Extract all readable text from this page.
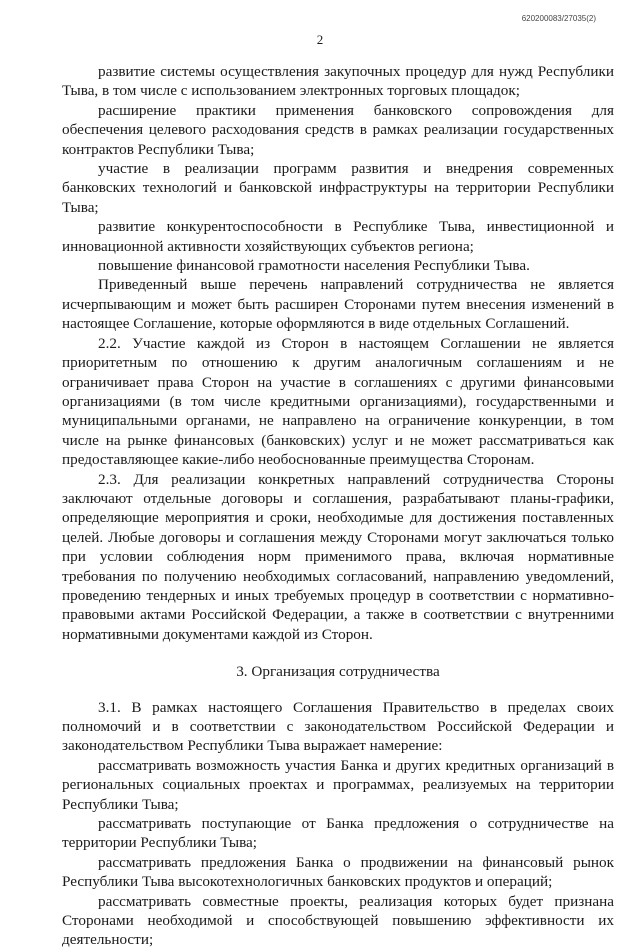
620200083/27035(2)
2

развитие системы осуществления закупочных процедур для нужд Республики Тыва, в том числе с использованием электронных торговых площадок;

расширение практики применения банковского сопровождения для обеспечения целевого расходования средств в рамках реализации государственных контрактов Республики Тыва;

участие в реализации программ развития и внедрения современных банковских технологий и банковской инфраструктуры на территории Республики Тыва;

развитие конкурентоспособности в Республике Тыва, инвестиционной и инновационной активности хозяйствующих субъектов региона;

повышение финансовой грамотности населения Республики Тыва.

Приведенный выше перечень направлений сотрудничества не является исчерпывающим и может быть расширен Сторонами путем внесения изменений в настоящее Соглашение, которые оформляются в виде отдельных Соглашений.

2.2. Участие каждой из Сторон в настоящем Соглашении не является приоритетным по отношению к другим аналогичным соглашениям и не ограничивает права Сторон на участие в соглашениях с другими финансовыми организациями (в том числе кредитными организациями), государственными и муниципальными органами, не направлено на ограничение конкуренции, в том числе на рынке финансовых (банковских) услуг и не может рассматриваться как предоставляющее какие-либо необоснованные преимущества Сторонам.

2.3. Для реализации конкретных направлений сотрудничества Стороны заключают отдельные договоры и соглашения, разрабатывают планы-графики, определяющие мероприятия и сроки, необходимые для достижения поставленных целей. Любые договоры и соглашения между Сторонами могут заключаться только при условии соблюдения норм применимого права, включая нормативные требования по получению необходимых согласований, направлению уведомлений, проведению тендерных и иных требуемых процедур в соответствии с нормативно-правовыми актами Российской Федерации, а также в соответствии с внутренними нормативными документами каждой из Сторон.

3. Организация сотрудничества

3.1. В рамках настоящего Соглашения Правительство в пределах своих полномочий и в соответствии с законодательством Российской Федерации и законодательством Республики Тыва выражает намерение:

рассматривать возможность участия Банка и других кредитных организаций в региональных социальных проектах и программах, реализуемых на территории Республики Тыва;

рассматривать поступающие от Банка предложения о сотрудничестве на территории Республики Тыва;

рассматривать предложения Банка о продвижении на финансовый рынок Республики Тыва высокотехнологичных банковских продуктов и операций;

рассматривать совместные проекты, реализация которых будет признана Сторонами необходимой и способствующей повышению эффективности их деятельности;
